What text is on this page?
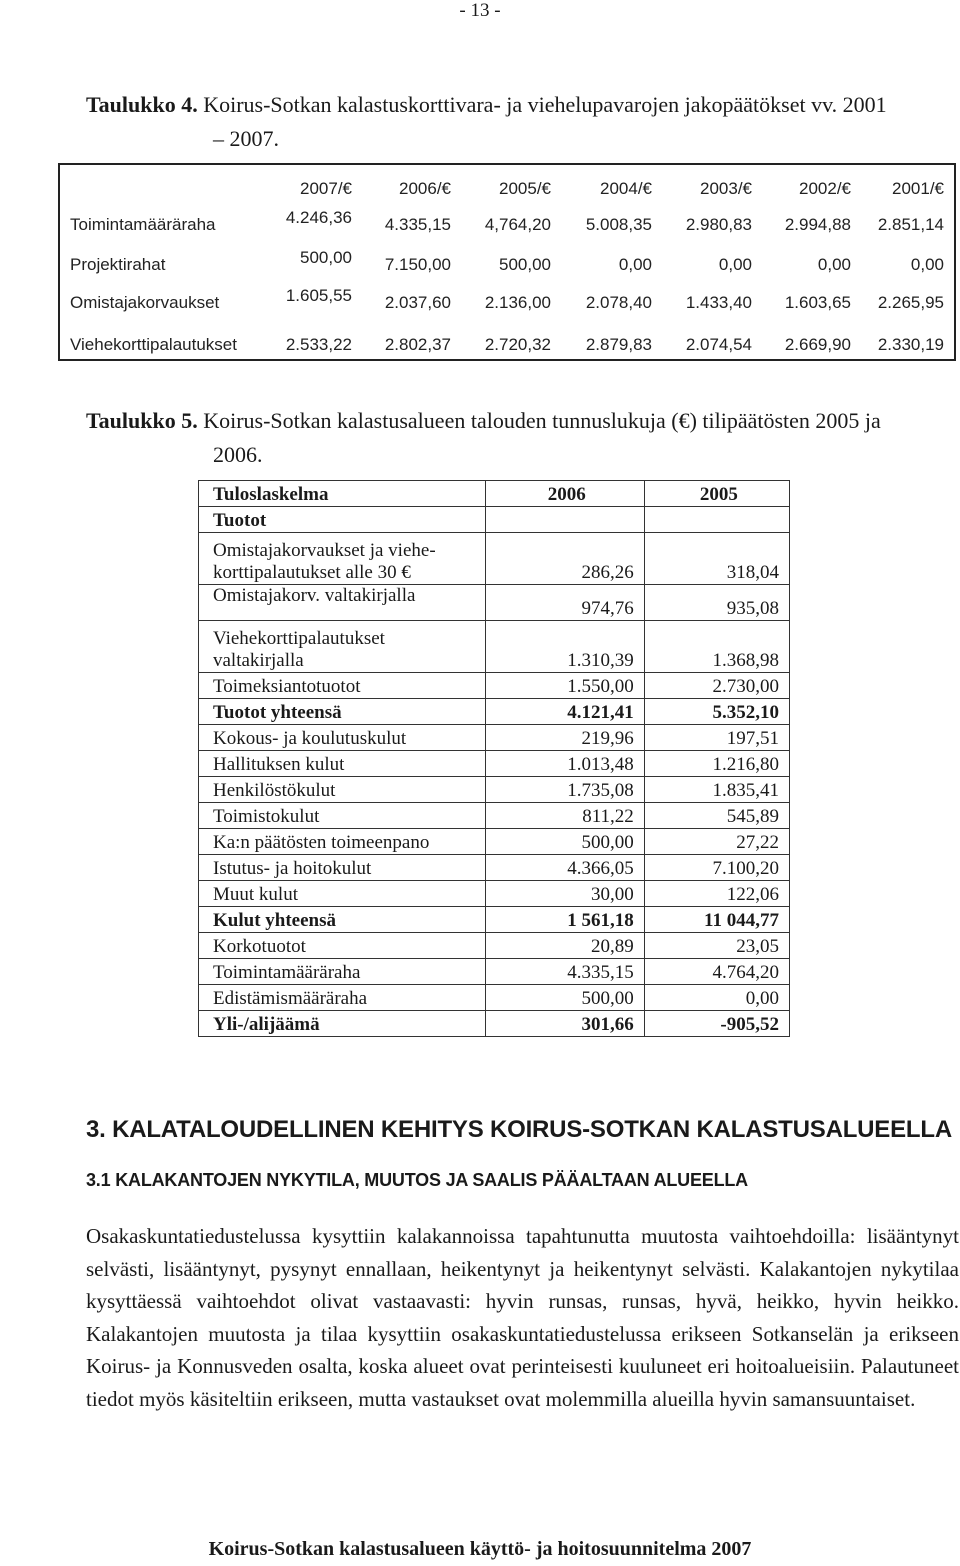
- 13 -
Taulukko 4. Koirus-Sotkan kalastuskorttivara- ja viehelupavarojen jakopäätökset vv. 2001
– 2007.
2007/€	2006/€	2005/€	2004/€	2003/€	2002/€ 2001/€
Toimintamääräraha	4.246,36 4.335,15 4,764,20 5.008,35 2.980,83 2.994,88 2.851,14
Projektirahat	500,00 7.150,00	500,00	0,00	0,00	0,00	0,00
Omistajakorvaukset	1.605,55 2.037,60 2.136,00 2.078,40 1.433,40 1.603,65 2.265,95
Viehekorttipalautukset	2.533,22 2.802,37 2.720,32 2.879,83 2.074,54 2.669,90 2.330,19
Taulukko 5. Koirus-Sotkan kalastusalueen talouden tunnuslukuja (€) tilipäätösten 2005 ja
2006.
Tuloslaskelma	2006	2005

Tuotot		

Omistajakorvaukset ja viehe-
korttipalautukset alle 30 €	286,26	318,04

Omistajakorv. valtakirjalla	974,76	935,08

Viehekorttipalautukset
valtakirjalla	1.310,39	1.368,98

Toimeksiantotuotot	1.550,00	2.730,00

Tuotot yhteensä	4.121,41	5.352,10

Kokous- ja koulutuskulut	219,96	197,51

Hallituksen kulut	1.013,48	1.216,80

Henkilöstökulut	1.735,08	1.835,41

Toimistokulut	811,22	545,89

Ka:n päätösten toimeenpano	500,00	27,22

Istutus- ja hoitokulut	4.366,05	7.100,20

Muut kulut	30,00	122,06

Kulut yhteensä	1 561,18	11 044,77

Korkotuotot	20,89	23,05

Toimintamääräraha	4.335,15	4.764,20

Edistämismääräraha	500,00	0,00

Yli-/alijäämä	301,66	-905,52
3. KALATALOUDELLINEN KEHITYS KOIRUS-SOTKAN KALASTUSALUEELLA
3.1 KALAKANTOJEN NYKYTILA, MUUTOS JA SAALIS PÄÄALTAAN ALUEELLA
Osakaskuntatiedustelussa kysyttiin kalakannoissa tapahtunutta muutosta vaihtoehdoilla: lisääntynyt selvästi, lisääntynyt, pysynyt ennallaan, heikentynyt ja heikentynyt selvästi. Kalakantojen nykytilaa kysyttäessä vaihtoehdot olivat vastaavasti: hyvin runsas, runsas, hyvä, heikko, hyvin heikko. Kalakantojen muutosta ja tilaa kysyttiin osakaskuntatiedustelussa erikseen Sotkanselän ja erikseen Koirus- ja Konnusveden osalta, koska alueet ovat perinteisesti kuuluneet eri hoitoalueisiin. Palautuneet tiedot myös käsiteltiin erikseen, mutta vastaukset ovat molemmilla alueilla hyvin samansuuntaiset.
Koirus-Sotkan kalastusalueen käyttö- ja hoitosuunnitelma 2007
